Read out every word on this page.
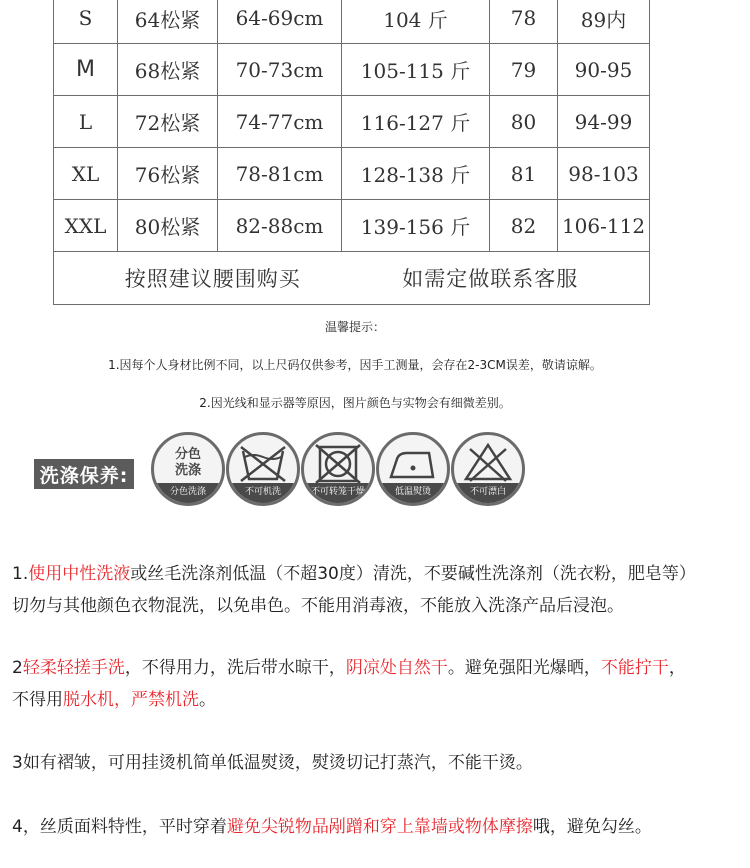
S	64松紧	64-69cm	104 斤	78	89内
M	68松紧	70-73cm	105-115 斤	79	90-95
L	72松紧	74-77cm	116-127 斤	80	94-99
XL	76松紧	78-81cm	128-138 斤	81	98-103
XXL	80松紧	82-88cm	139-156 斤	82	106-112

按照建议腰围购买 如需定做联系客服					
温馨提示：
1.因每个人身材比例不同，以上尺码仅供参考，因手工测量，会存在2-3CM误差，敬请谅解。
2.因光线和显示器等原因，图片颜色与实物会有细微差别。
洗涤保养:
分色
洗涤
分色洗涤	不可机洗	不可转笼干燥	低温熨烫	不可漂白
1.使用中性洗液或丝毛洗涤剂低温（不超30度）清洗，不要碱性洗涤剂（洗衣粉，肥皂等）
切勿与其他颜色衣物混洗，以免串色。不能用消毒液，不能放入洗涤产品后浸泡。
2轻柔轻搓手洗，不得用力，洗后带水晾干，阴凉处自然干。避免强阳光爆晒，不能拧干，
不得用脱水机，严禁机洗。
3如有褶皱，可用挂烫机简单低温熨烫，熨烫切记打蒸汽，不能干烫。
4，丝质面料特性，平时穿着避免尖锐物品剐蹭和穿上靠墙或物体摩擦哦，避免勾丝。
